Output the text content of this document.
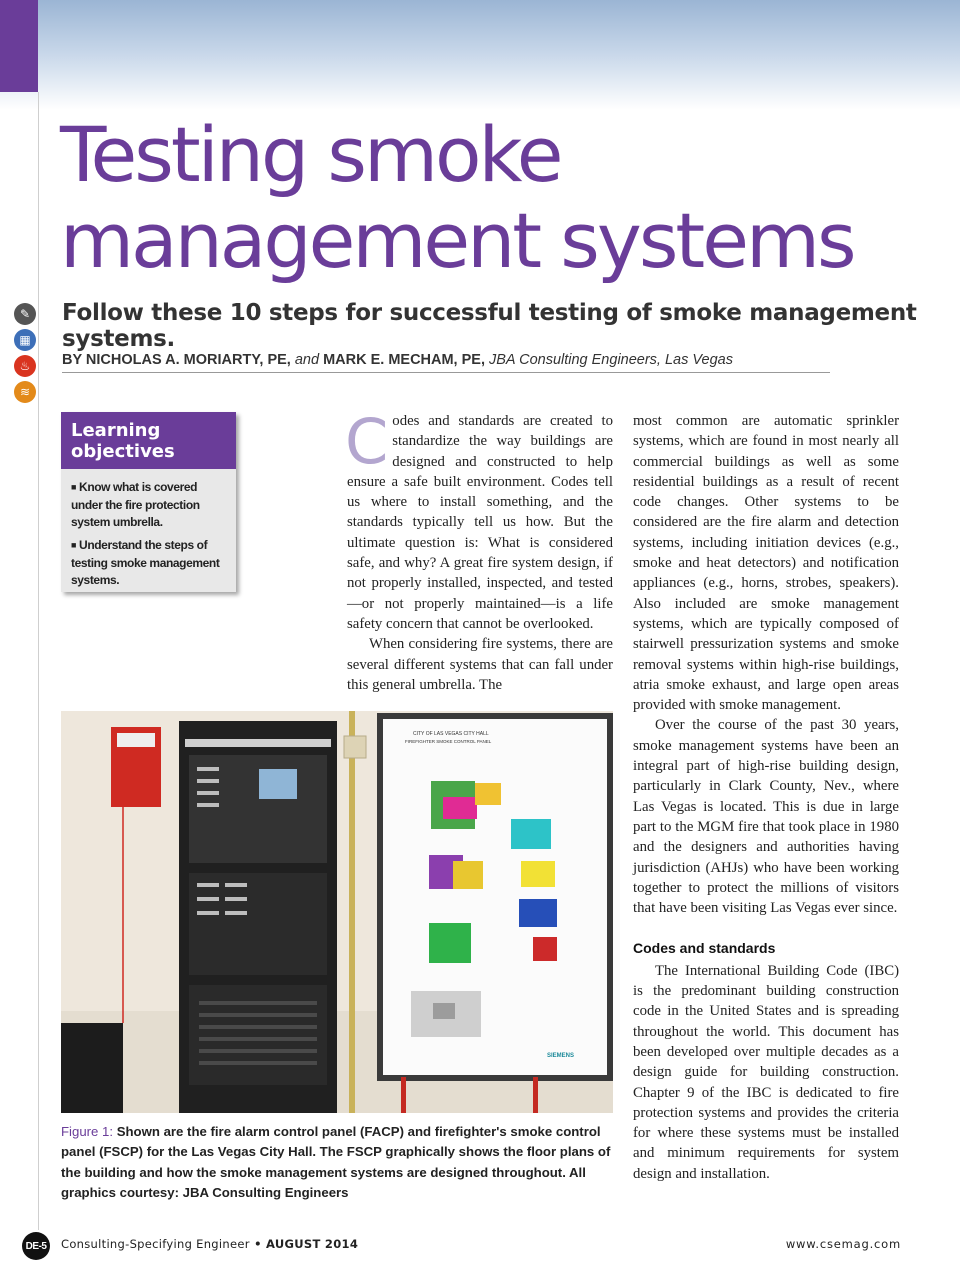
Testing smoke
management systems
Follow these 10 steps for successful testing of smoke management systems.
BY NICHOLAS A. MORIARTY, PE, and MARK E. MECHAM, PE, JBA Consulting Engineers, Las Vegas
✎
▦
♨
≋
Learning objectives
■ Know what is covered under the fire protection system umbrella.
■ Understand the steps of testing smoke management systems.

Codes and standards are created to standardize the way buildings are designed and constructed to help ensure a safe built environment. Codes tell us where to install something, and the standards typically tell us how. But the ultimate question is: What is considered safe, and why? A great fire system design, if not properly installed, inspected, and tested—or not properly maintained—is a life safety concern that cannot be overlooked.

When considering fire systems, there are several different systems that can fall under this general umbrella. The

most common are automatic sprinkler systems, which are found in most nearly all commercial buildings as well as some residential buildings as a result of recent code changes. Other systems to be considered are the fire alarm and detection systems, including initiation devices (e.g., smoke and heat detectors) and notification appliances (e.g., horns, strobes, speakers). Also included are smoke management systems, which are typically composed of stairwell pressurization systems and smoke removal systems within high-rise buildings, atria smoke exhaust, and large open areas provided with smoke management.

Over the course of the past 30 years, smoke management systems have been an integral part of high-rise building design, particularly in Clark County, Nev., where Las Vegas is located. This is due in large part to the MGM fire that took place in 1980 and the designers and authorities having jurisdiction (AHJs) who have been working together to protect the millions of visitors that have been visiting Las Vegas ever since.

Codes and standards

The International Building Code (IBC) is the predominant building construction code in the United States and is spreading throughout the world. This document has been developed over multiple decades as a design guide for building construction. Chapter 9 of the IBC is dedicated to fire protection systems and provides the criteria for where these systems must be installed and minimum requirements for system design and installation.

CITY OF LAS VEGAS CITY HALL
FIREFIGHTER SMOKE CONTROL PANEL
SIEMENS
Figure 1: Shown are the fire alarm control panel (FACP) and firefighter's smoke control panel (FSCP) for the Las Vegas City Hall. The FSCP graphically shows the floor plans of the building and how the smoke management systems are designed throughout. All graphics courtesy: JBA Consulting Engineers
DE-5	Consulting-Specifying Engineer • AUGUST 2014	www.csemag.com
